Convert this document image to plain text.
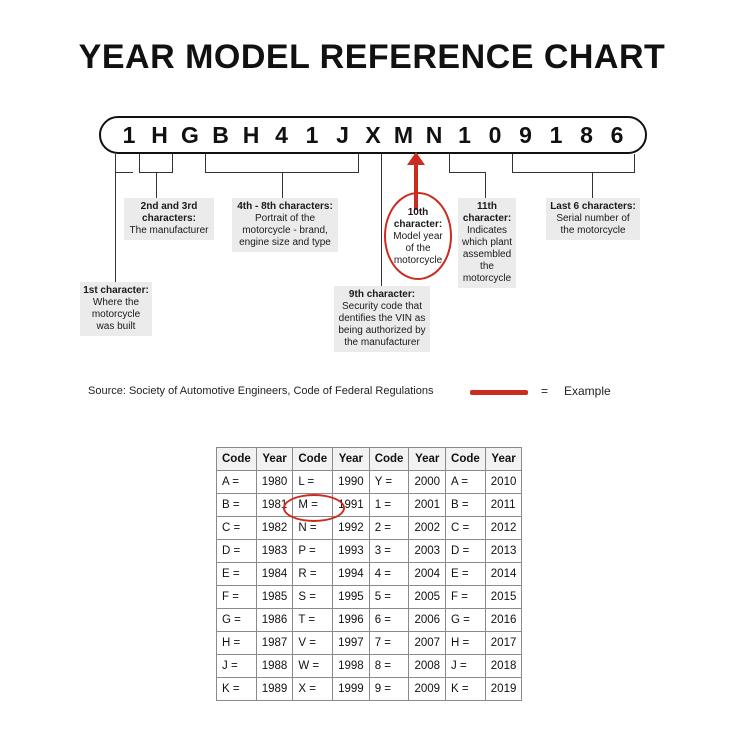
YEAR MODEL REFERENCE CHART
1 H G B H 4 1 J X M N 1 0 9 1 8 6
1st character:
Where the motorcycle was built
2nd and 3rd characters:
The manufacturer
4th - 8th characters:
Portrait of the motorcycle - brand, engine size and type
9th character: Security code that dentifies the VIN as being authorized by the manufacturer
10th character:
Model year of the motorcycle
11th character:
Indicates which plant assembled the motorcycle
Last 6 characters:
Serial number of the motorcycle
Source: Society of Automotive Engineers, Code of Federal Regulations	= Example
Code	Year	Code	Year	Code	Year	Code	Year
A =	1980	L =	1990	Y =	2000	A =	2010
B =	1981	M =	1991	1 =	2001	B =	2011
C =	1982	N =	1992	2 =	2002	C =	2012
D =	1983	P =	1993	3 =	2003	D =	2013
E =	1984	R =	1994	4 =	2004	E =	2014
F =	1985	S =	1995	5 =	2005	F =	2015
G =	1986	T =	1996	6 =	2006	G =	2016
H =	1987	V =	1997	7 =	2007	H =	2017
J =	1988	W =	1998	8 =	2008	J =	2018
K =	1989	X =	1999	9 =	2009	K =	2019
